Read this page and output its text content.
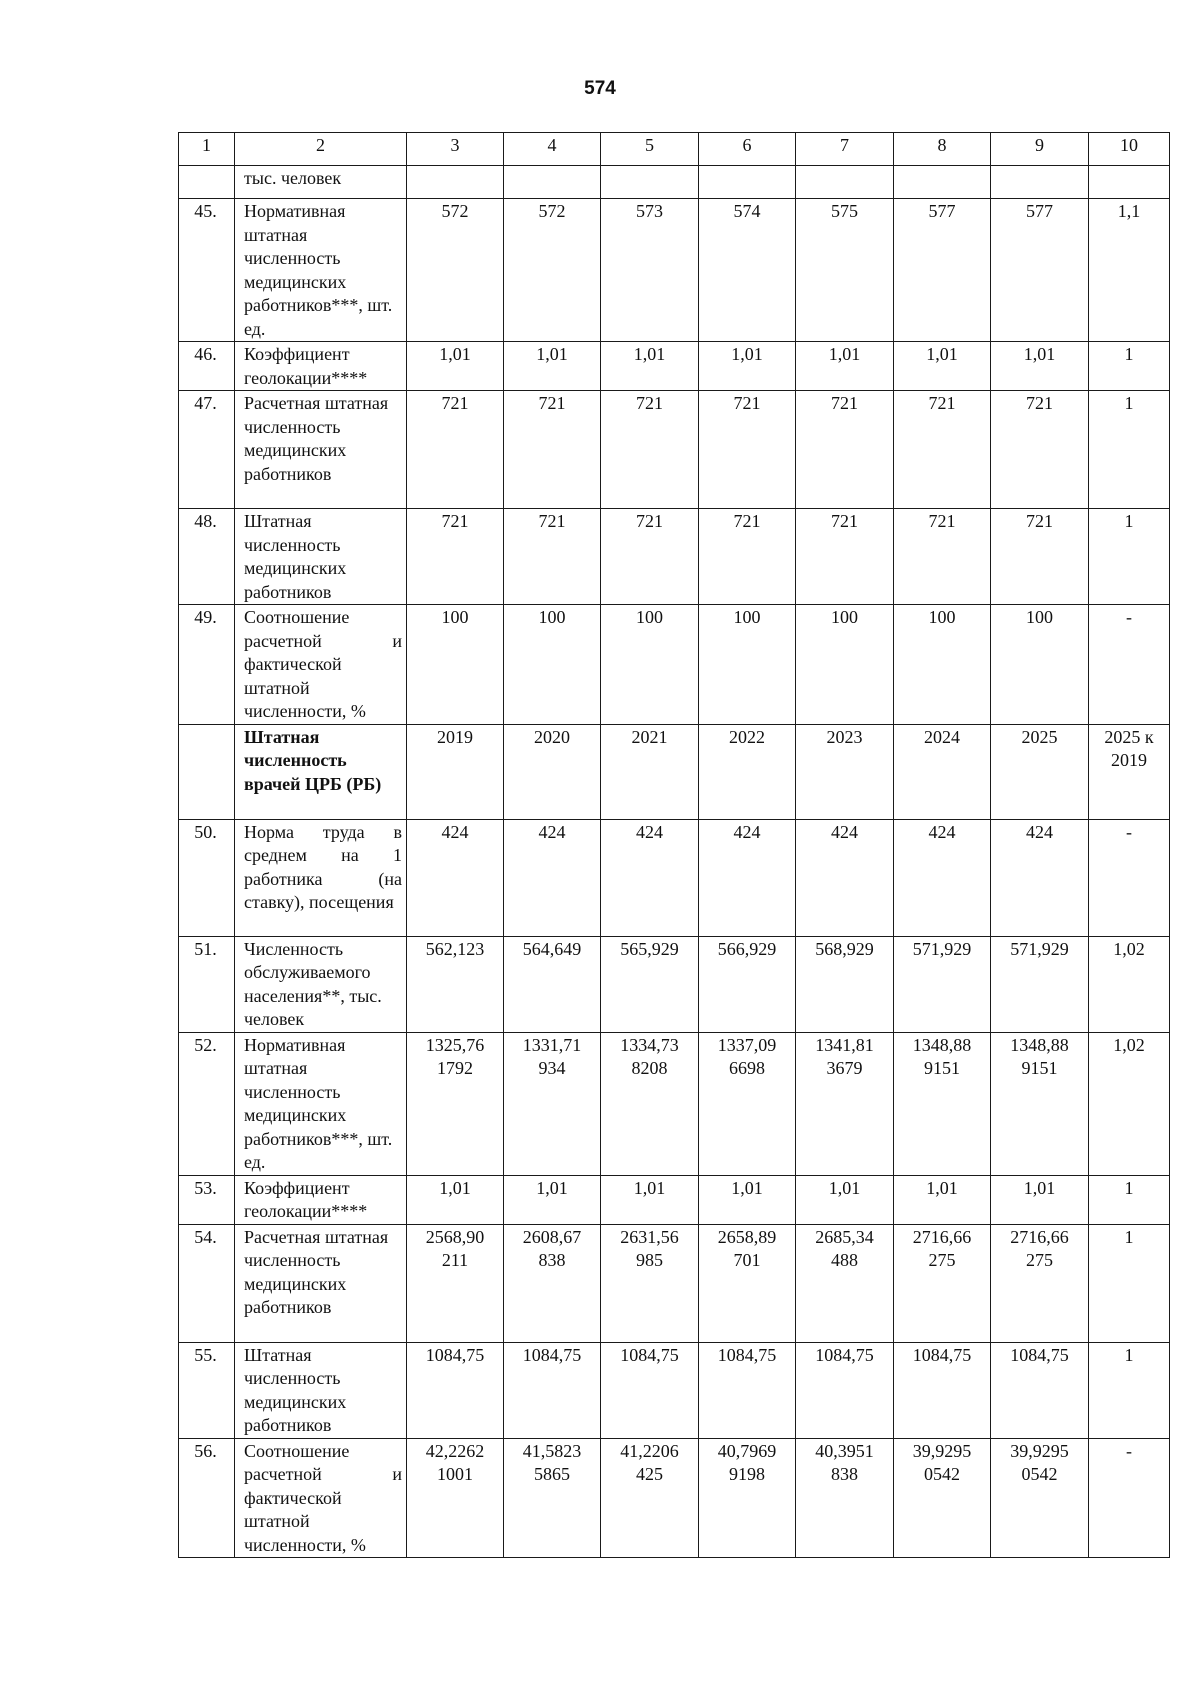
574
1	2	3	4	5	6	7	8	9	10
	тыс. человек								
45.	Нормативная штатная численность медицинских работников***, шт. ед.	572	572	573	574	575	577	577	1,1
46.	Коэффициент геолокации****	1,01	1,01	1,01	1,01	1,01	1,01	1,01	1
47.	Расчетная штатная численность медицинских работников	721	721	721	721	721	721	721	1
48.	Штатная численность медицинских работников	721	721	721	721	721	721	721	1
49.	Соотношение расчетной и фактической штатной численности, %	100	100	100	100	100	100	100	-
	Штатная численность врачей ЦРБ (РБ)	2019	2020	2021	2022	2023	2024	2025	2025 к 2019
50.	Норма труда в среднем на 1 работника (на ставку), посещения	424	424	424	424	424	424	424	-
51.	Численность обслуживаемого населения**, тыс. человек	562,123	564,649	565,929	566,929	568,929	571,929	571,929	1,02
52.	Нормативная штатная численность медицинских работников***, шт. ед.	1325,76 1792	1331,71 934	1334,73 8208	1337,09 6698	1341,81 3679	1348,88 9151	1348,88 9151	1,02
53.	Коэффициент геолокации****	1,01	1,01	1,01	1,01	1,01	1,01	1,01	1
54.	Расчетная штатная численность медицинских работников	2568,90 211	2608,67 838	2631,56 985	2658,89 701	2685,34 488	2716,66 275	2716,66 275	1
55.	Штатная численность медицинских работников	1084,75	1084,75	1084,75	1084,75	1084,75	1084,75	1084,75	1
56.	Соотношение расчетной и фактической штатной численности, %	42,2262 1001	41,5823 5865	41,2206 425	40,7969 9198	40,3951 838	39,9295 0542	39,9295 0542	-
